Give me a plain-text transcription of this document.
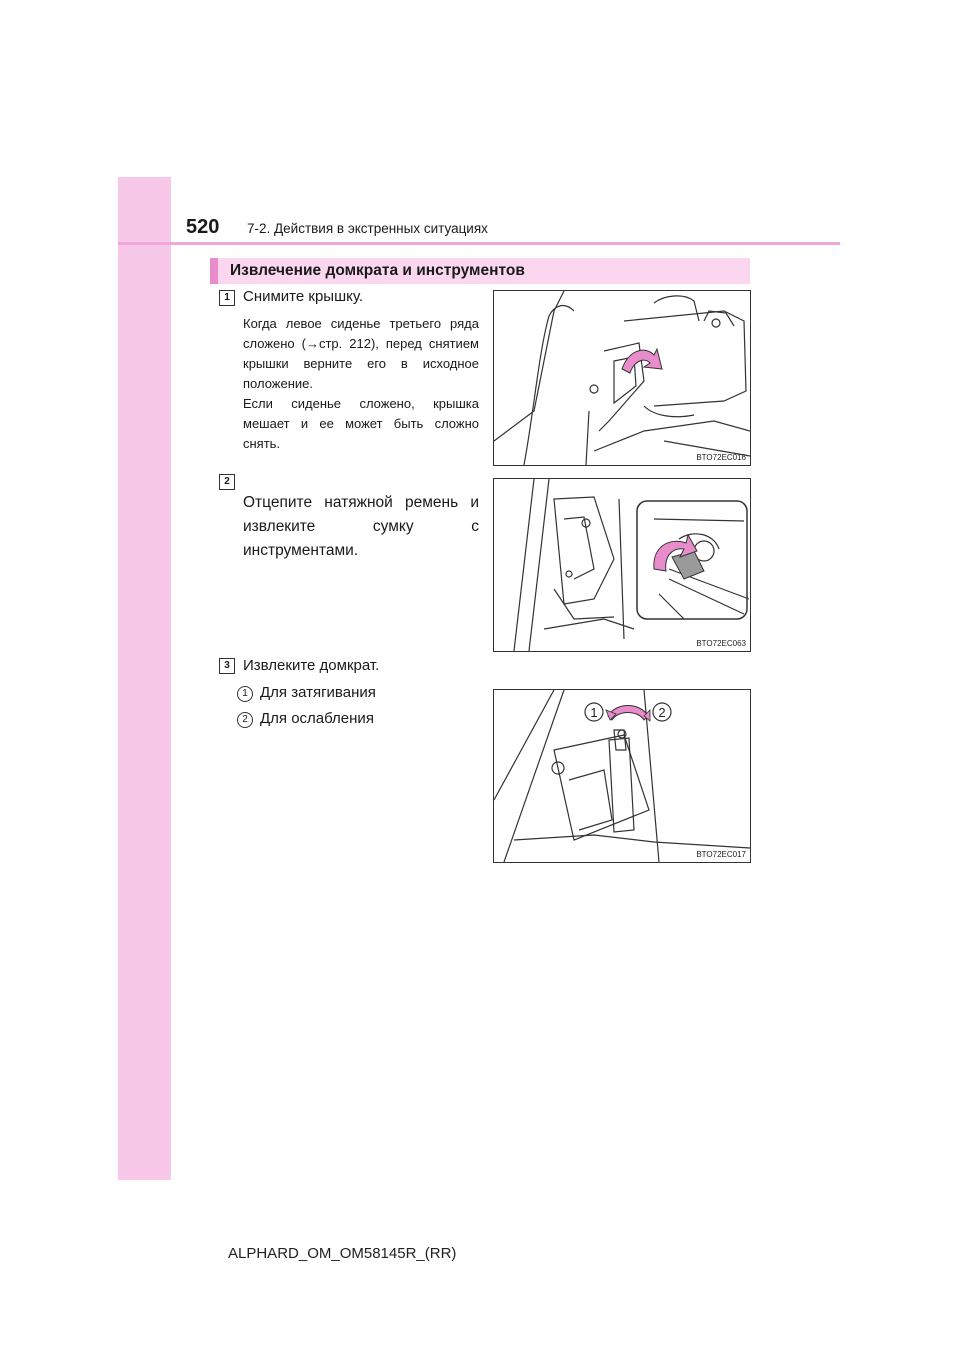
520 7-2. Действия в экстренных ситуациях
Извлечение домкрата и инструментов
1 Снимите крышку.
Когда левое сиденье третьего ряда сложено (→стр. 212), перед снятием крышки верните его в исходное положение.
Если сиденье сложено, крышка мешает и ее может быть сложно снять.
BTO72EC016
2
Отцепите натяжной ремень и извлеките сумку с инструментами.
BTO72EC063
3 Извлеките домкрат.
1 Для затягивания
2 Для ослабления	1	2
BTO72EC017
ALPHARD_OM_OM58145R_(RR)
